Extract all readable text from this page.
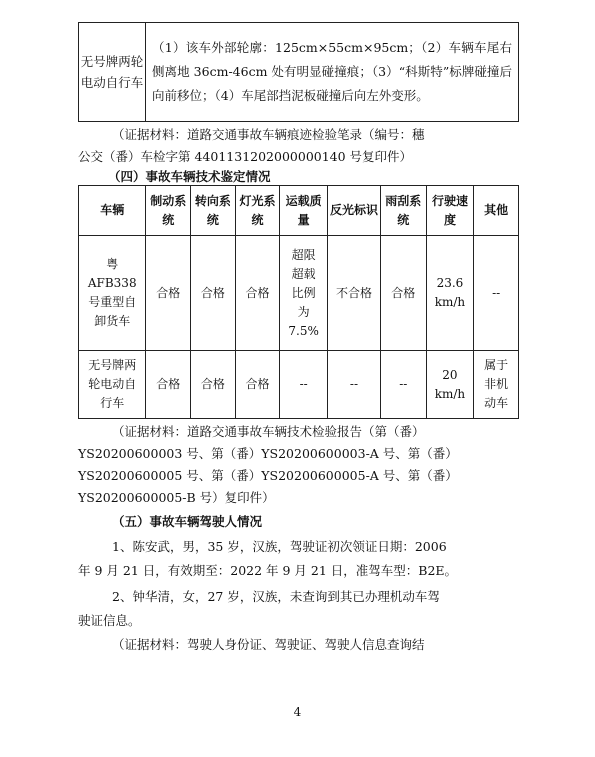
无号牌两轮电动自行车	（1）该车外部轮廓：125cm×55cm×95cm；（2）车辆车尾右侧离地 36cm-46cm 处有明显碰撞痕；（3）“科斯特”标牌碰撞后向前移位；（4）车尾部挡泥板碰撞后向左外变形。
（证据材料：道路交通事故车辆痕迹检验笔录（编号：穗
公交（番）车检字第 4401131202000000140 号复印件）
（四）事故车辆技术鉴定情况
车辆	制动系统	转向系统	灯光系统	运载质量	反光标识	雨刮系统	行驶速度	其他
粤AFB338号重型自卸货车	合格	合格	合格	超限超载比例为7.5%	不合格	合格	23.6 km/h	--
无号牌两轮电动自行车	合格	合格	合格	--	--	--	20 km/h	属于非机动车
（证据材料：道路交通事故车辆技术检验报告（第（番）
YS20200600003 号、第（番）YS20200600003-A 号、第（番）
YS20200600005 号、第（番）YS20200600005-A 号、第（番）
YS20200600005-B 号）复印件）
（五）事故车辆驾驶人情况
1、陈安武，男，35 岁，汉族，驾驶证初次领证日期：2006
年 9 月 21 日，有效期至：2022 年 9 月 21 日，准驾车型：B2E。
2、钟华清，女，27 岁，汉族，未查询到其已办理机动车驾
驶证信息。
（证据材料：驾驶人身份证、驾驶证、驾驶人信息查询结
4
